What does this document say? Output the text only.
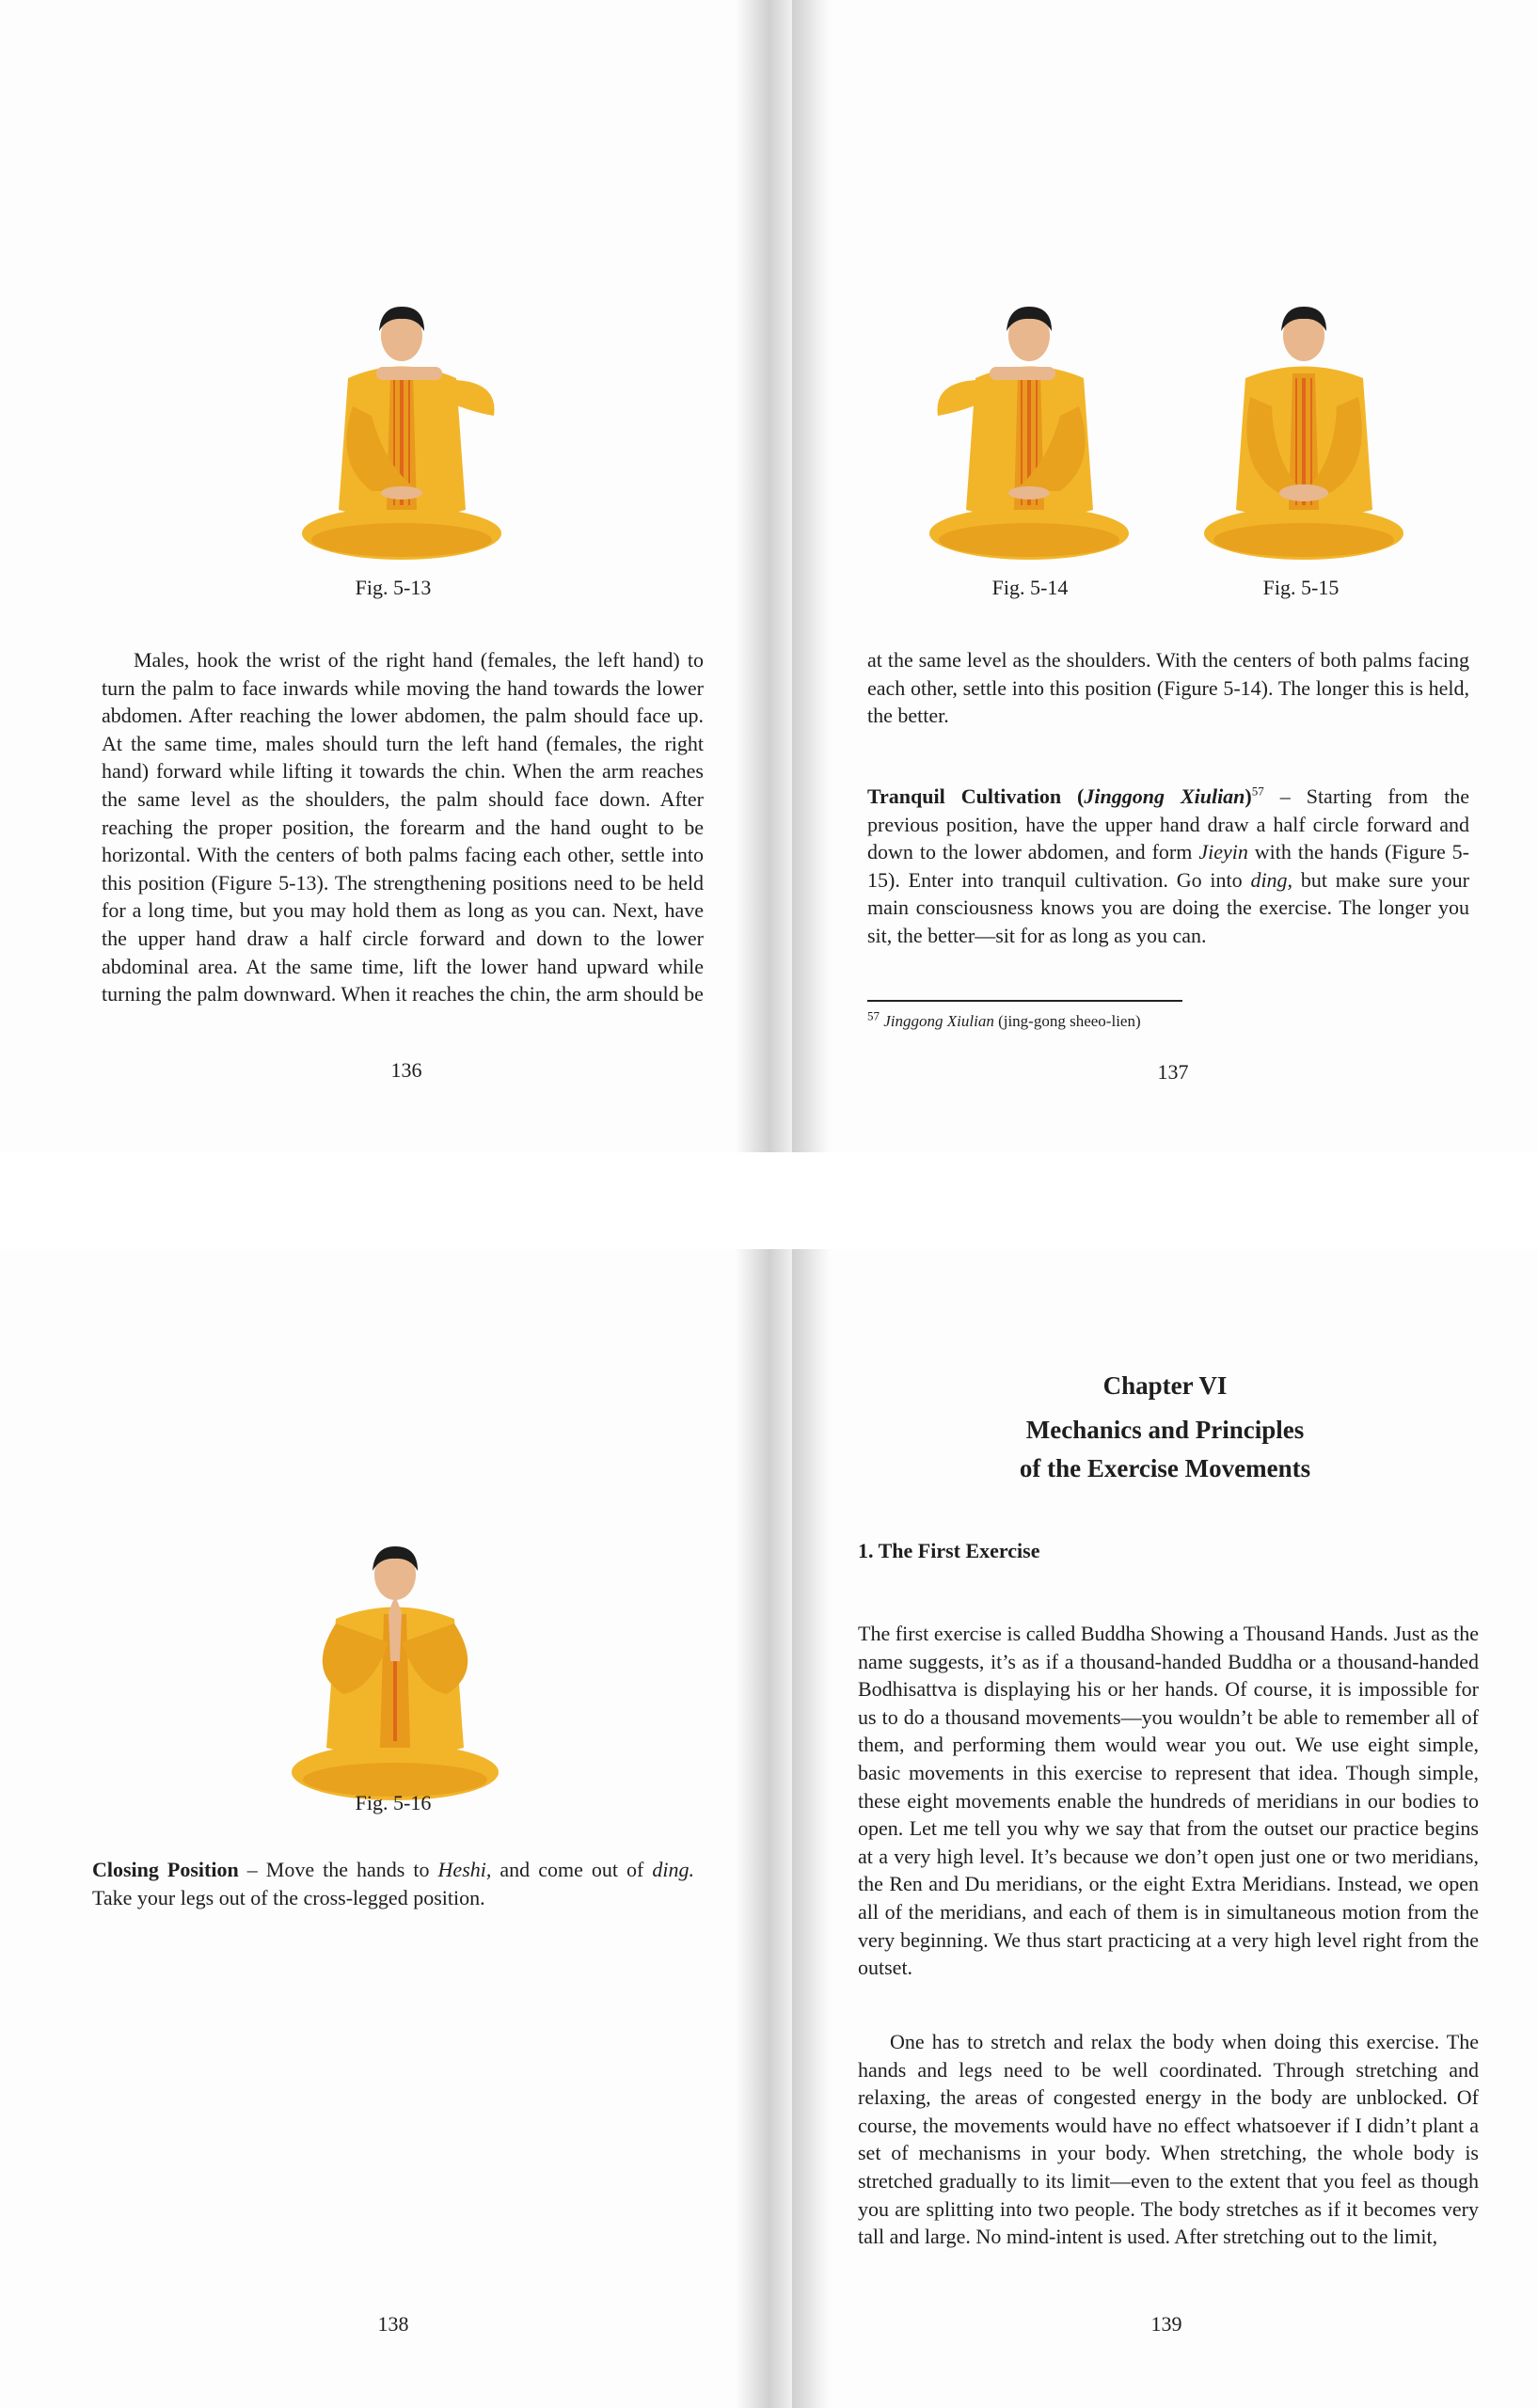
Fig. 5-13

Males, hook the wrist of the right hand (females, the left hand) to turn the palm to face inwards while moving the hand towards the lower abdomen. After reaching the lower abdomen, the palm should face up. At the same time, males should turn the left hand (females, the right hand) forward while lifting it towards the chin. When the arm reaches the same level as the shoulders, the palm should face down. After reaching the proper position, the forearm and the hand ought to be horizontal. With the centers of both palms facing each other, settle into this position (Figure 5-13). The strengthening positions need to be held for a long time, but you may hold them as long as you can. Next, have the upper hand draw a half circle forward and down to the lower abdominal area. At the same time, lift the lower hand upward while turning the palm downward. When it reaches the chin, the arm should be

136
Fig. 5-14	Fig. 5-15

at the same level as the shoulders. With the centers of both palms facing each other, settle into this position (Figure 5-14). The longer this is held, the better.

Tranquil Cultivation (Jinggong Xiulian)$^{57}$ – Starting from the previous position, have the upper hand draw a half circle forward and down to the lower abdomen, and form Jieyin with the hands (Figure 5-15). Enter into tranquil cultivation. Go into ding, but make sure your main consciousness knows you are doing the exercise. The longer you sit, the better—sit for as long as you can.

$^{57}$ Jinggong Xiulian (jing-gong sheeo-lien)
137
Fig. 5-16

Closing Position – Move the hands to Heshi, and come out of ding. Take your legs out of the cross-legged position.

138
Chapter VI
Mechanics and Principles
of the Exercise Movements
1. The First Exercise

The first exercise is called Buddha Showing a Thousand Hands. Just as the name suggests, it’s as if a thousand-handed Buddha or a thousand-handed Bodhisattva is displaying his or her hands. Of course, it is impossible for us to do a thousand movements—you wouldn’t be able to remember all of them, and performing them would wear you out. We use eight simple, basic movements in this exercise to represent that idea. Though simple, these eight movements enable the hundreds of meridians in our bodies to open. Let me tell you why we say that from the outset our practice begins at a very high level. It’s because we don’t open just one or two meridians, the Ren and Du meridians, or the eight Extra Meridians. Instead, we open all of the meridians, and each of them is in simultaneous motion from the very beginning. We thus start practicing at a very high level right from the outset.

One has to stretch and relax the body when doing this exercise. The hands and legs need to be well coordinated. Through stretching and relaxing, the areas of congested energy in the body are unblocked. Of course, the movements would have no effect whatsoever if I didn’t plant a set of mechanisms in your body. When stretching, the whole body is stretched gradually to its limit—even to the extent that you feel as though you are splitting into two people. The body stretches as if it becomes very tall and large. No mind-intent is used. After stretching out to the limit,

139
